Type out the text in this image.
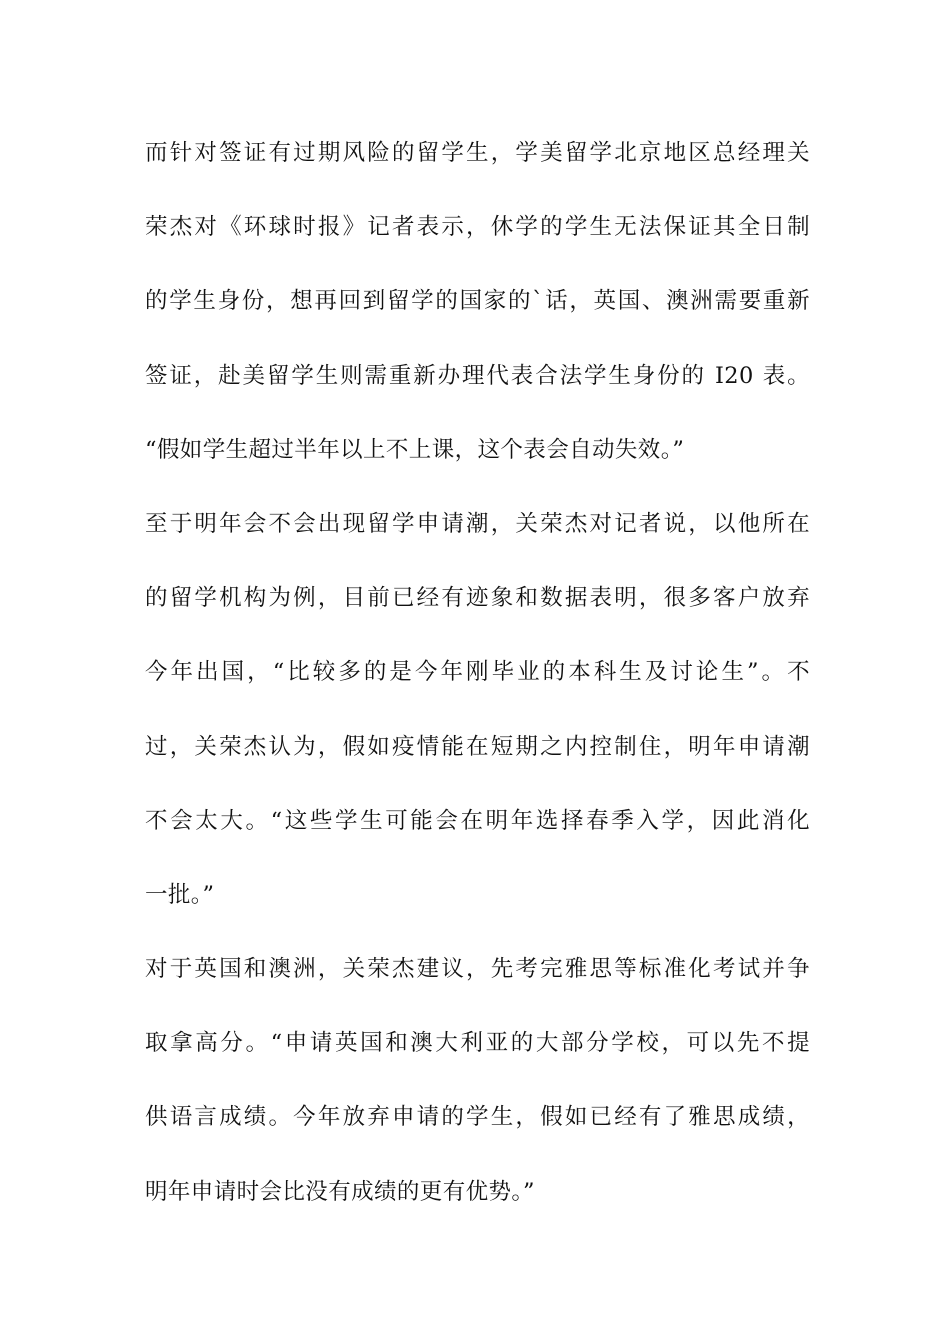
而针对签证有过期风险的留学生，学美留学北京地区总经理关
荣杰对《环球时报》记者表示，休学的学生无法保证其全日制
的学生身份，想再回到留学的国家的`话，英国、澳洲需要重新
签证，赴美留学生则需重新办理代表合法学生身份的 I20 表。
“假如学生超过半年以上不上课，这个表会自动失效。”
至于明年会不会出现留学申请潮，关荣杰对记者说，以他所在
的留学机构为例，目前已经有迹象和数据表明，很多客户放弃
今年出国，“比较多的是今年刚毕业的本科生及讨论生”。不
过，关荣杰认为，假如疫情能在短期之内控制住，明年申请潮
不会太大。“这些学生可能会在明年选择春季入学，因此消化
一批。”
对于英国和澳洲，关荣杰建议，先考完雅思等标准化考试并争
取拿高分。“申请英国和澳大利亚的大部分学校，可以先不提
供语言成绩。今年放弃申请的学生，假如已经有了雅思成绩，
明年申请时会比没有成绩的更有优势。”
